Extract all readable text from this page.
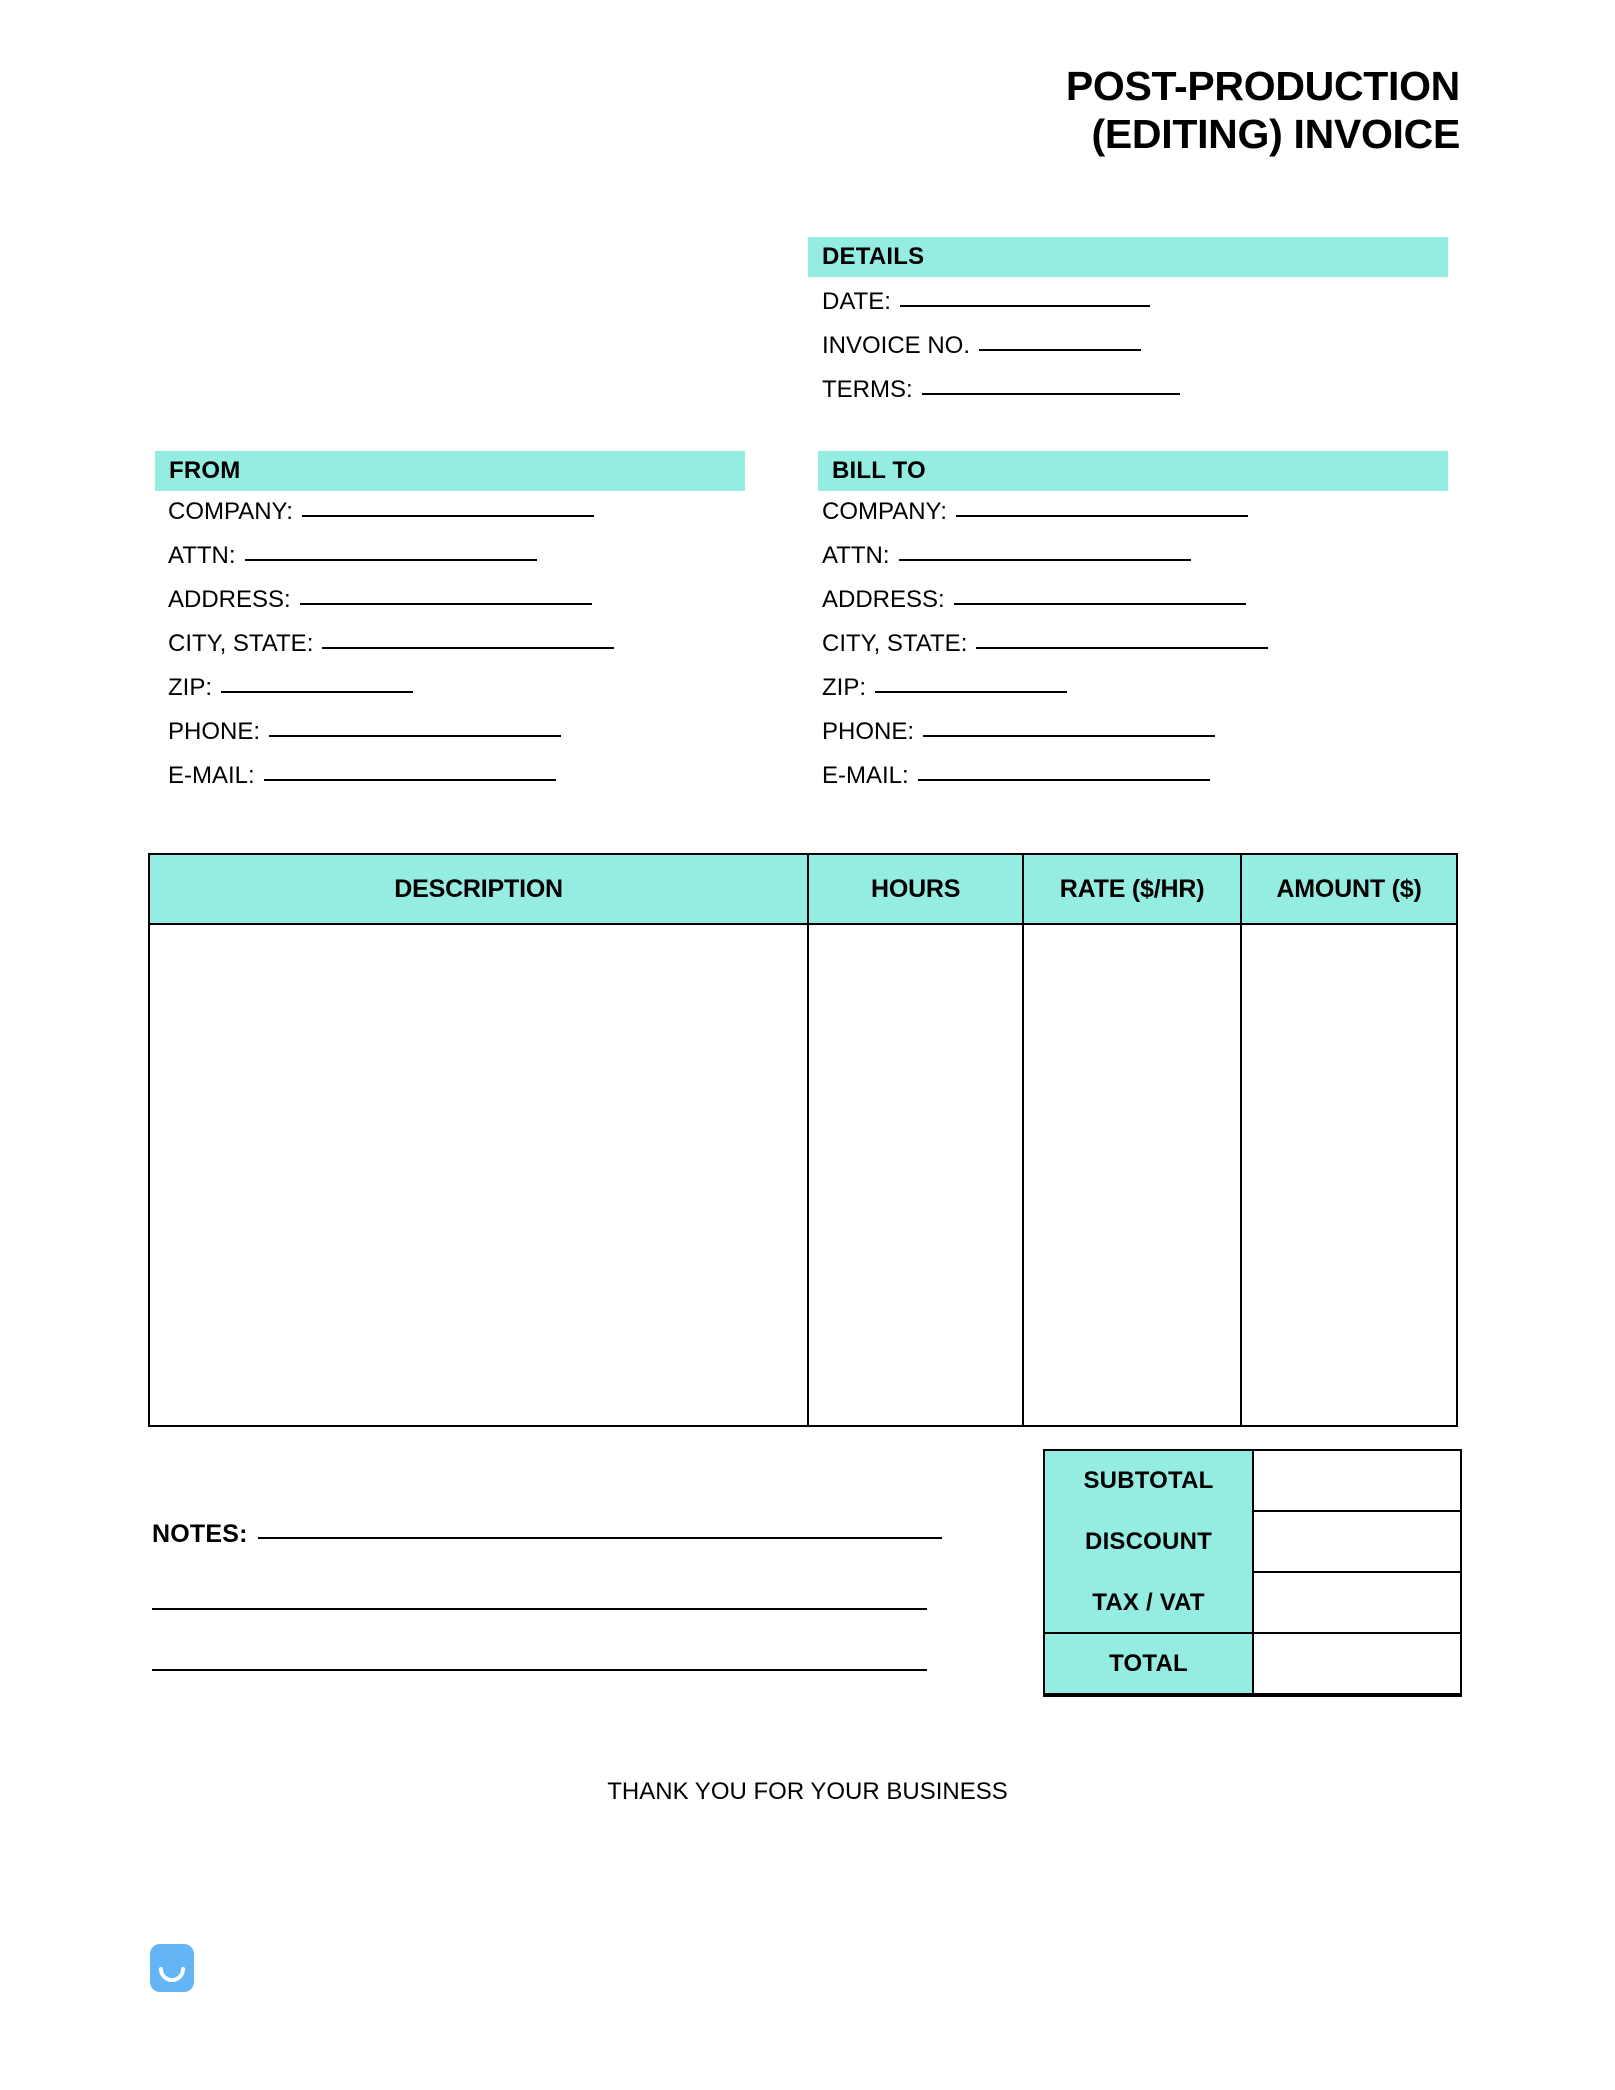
POST-PRODUCTION
(EDITING) INVOICE
DETAILS
DATE:
INVOICE NO.
TERMS:
FROM
COMPANY:
ATTN:
ADDRESS:
CITY, STATE:
ZIP:
PHONE:
E-MAIL:
BILL TO
COMPANY:
ATTN:
ADDRESS:
CITY, STATE:
ZIP:
PHONE:
E-MAIL:
DESCRIPTION	HOURS	RATE ($/HR)	AMOUNT ($)

SUBTOTAL	
DISCOUNT	
TAX / VAT	
TOTAL	
NOTES:
THANK YOU FOR YOUR BUSINESS
